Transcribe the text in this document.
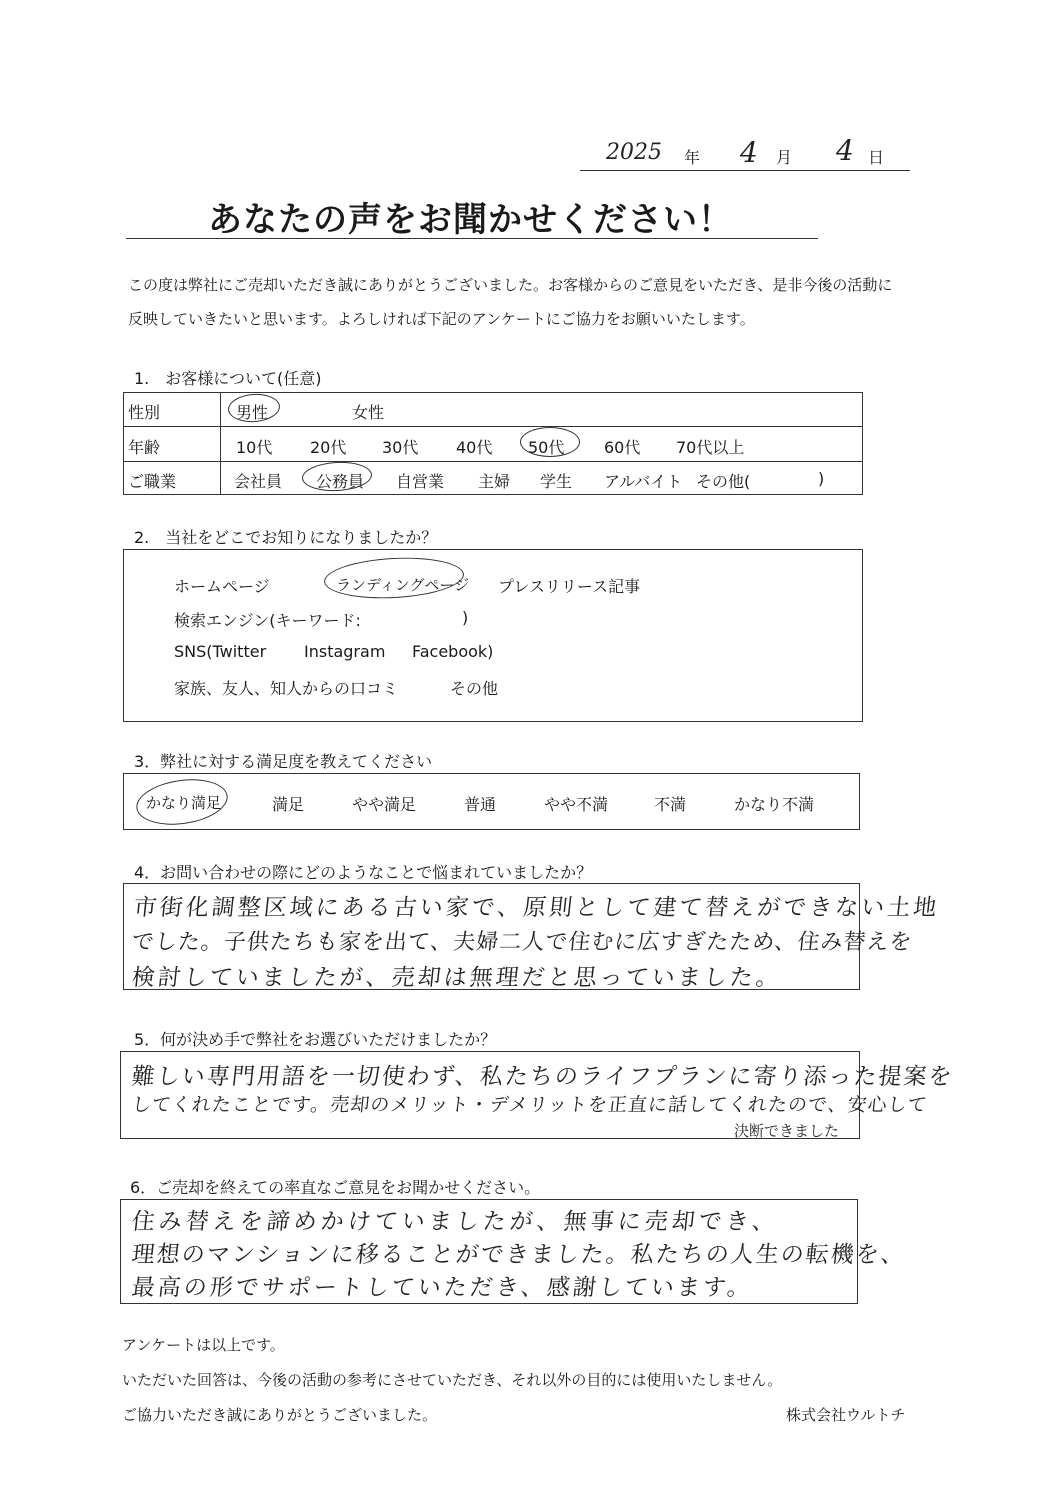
2025 年 4 月 4 日
あなたの声をお聞かせください！
この度は弊社にご売却いただき誠にありがとうございました。お客様からのご意見をいただき、是非今後の活動に
反映していきたいと思います。よろしければ下記のアンケートにご協力をお願いいたします。
1.　お客様について(任意)
性別	男性	女性
年齢	10代 20代 30代 40代 50代 60代 70代以上
ご職業	会社員 公務員 自営業 主婦 学生 アルバイト その他(	)
2.　当社をどこでお知りになりましたか？
ホームページ	ランディングページ プレスリリース記事
検索エンジン(キーワード:	)
SNS(Twitter Instagram Facebook)
家族、友人、知人からの口コミ	その他
3．弊社に対する満足度を教えてください
かなり満足	満足	やや満足	普通	やや不満	不満	かなり不満
4．お問い合わせの際にどのようなことで悩まれていましたか？
市街化調整区域にある古い家で、原則として建て替えができない土地
でした。子供たちも家を出て、夫婦二人で住むに広すぎたため、住み替えを
検討していましたが、売却は無理だと思っていました。
5．何が決め手で弊社をお選びいただけましたか？
難しい専門用語を一切使わず、私たちのライフプランに寄り添った提案を
してくれたことです。売却のメリット・デメリットを正直に話してくれたので、安心して
決断できました
6．ご売却を終えての率直なご意見をお聞かせください。
住み替えを諦めかけていましたが、無事に売却でき、
理想のマンションに移ることができました。私たちの人生の転機を、
最高の形でサポートしていただき、感謝しています。
アンケートは以上です。
いただいた回答は、今後の活動の参考にさせていただき、それ以外の目的には使用いたしません。
ご協力いただき誠にありがとうございました。	株式会社ウルトチ
